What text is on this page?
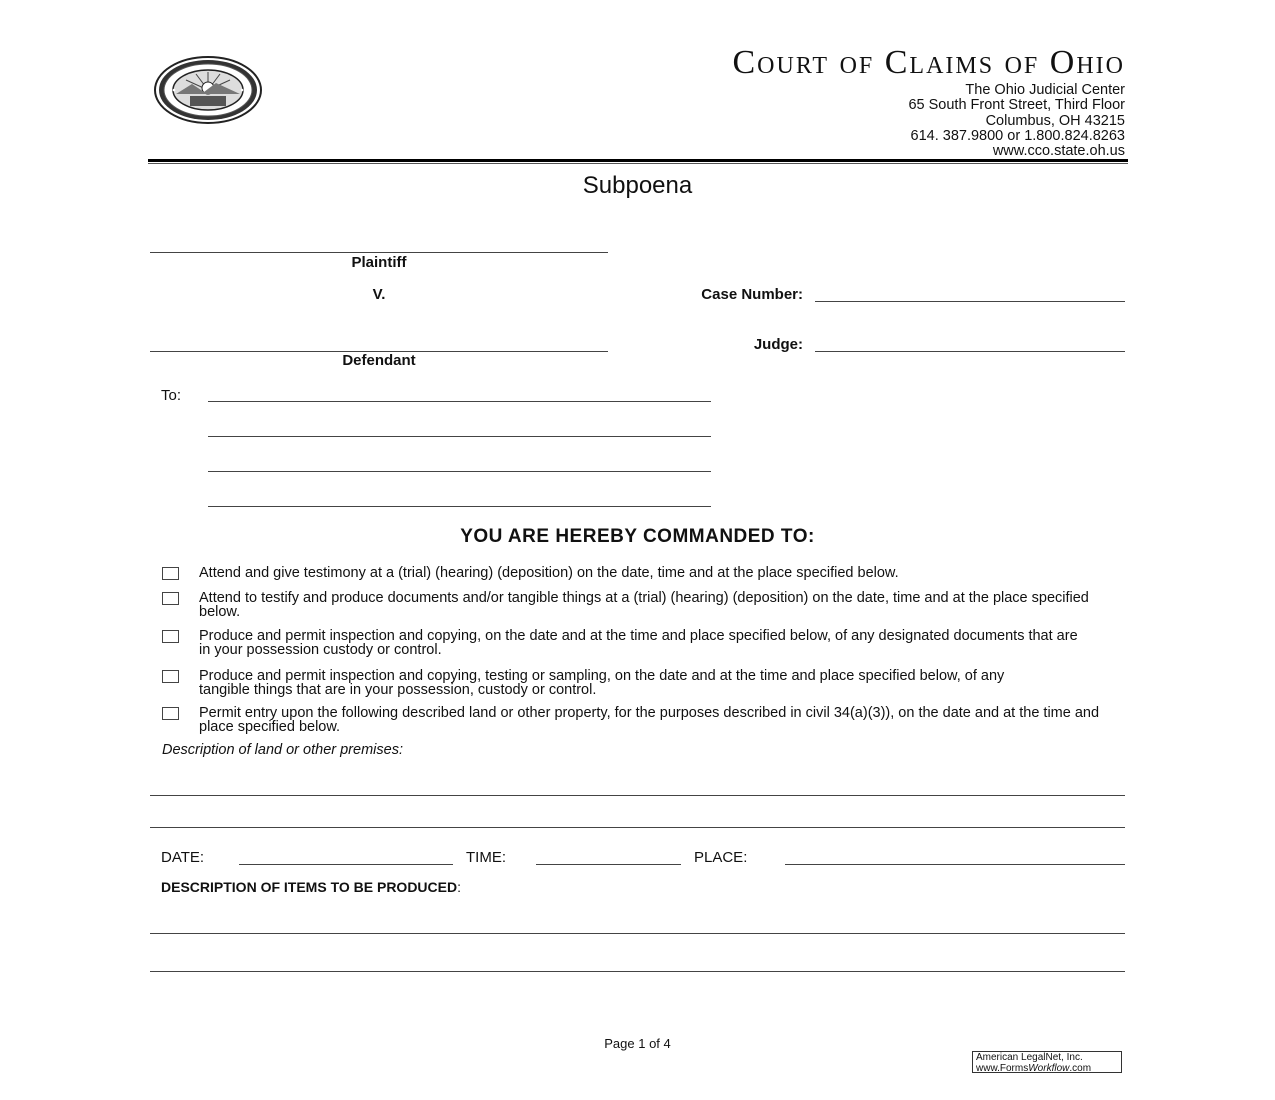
Court of Claims of Ohio
The Ohio Judicial Center
65 South Front Street, Third Floor
Columbus, OH 43215
614. 387.9800 or 1.800.824.8263
www.cco.state.oh.us
Subpoena
Plaintiff
V.
Defendant
Case Number:
Judge:
To:
YOU ARE HEREBY COMMANDED TO:
Attend and give testimony at a (trial) (hearing) (deposition) on the date, time and at the place specified below.
Attend to testify and produce documents and/or tangible things at a (trial) (hearing) (deposition) on the date, time and at the place specified below.
Produce and permit inspection and copying, on the date and at the time and place specified below, of any designated documents that are in your possession custody or control.
Produce and permit inspection and copying, testing or sampling, on the date and at the time and place specified below, of any tangible things that are in your possession, custody or control.
Permit entry upon the following described land or other property, for the purposes described in civil 34(a)(3)), on the date and at the time and place specified below.
Description of land or other premises:
DATE:	TIME:	PLACE:
DESCRIPTION OF ITEMS TO BE PRODUCED:
Page 1 of 4
American LegalNet, Inc.
www.FormsWorkflow.com
